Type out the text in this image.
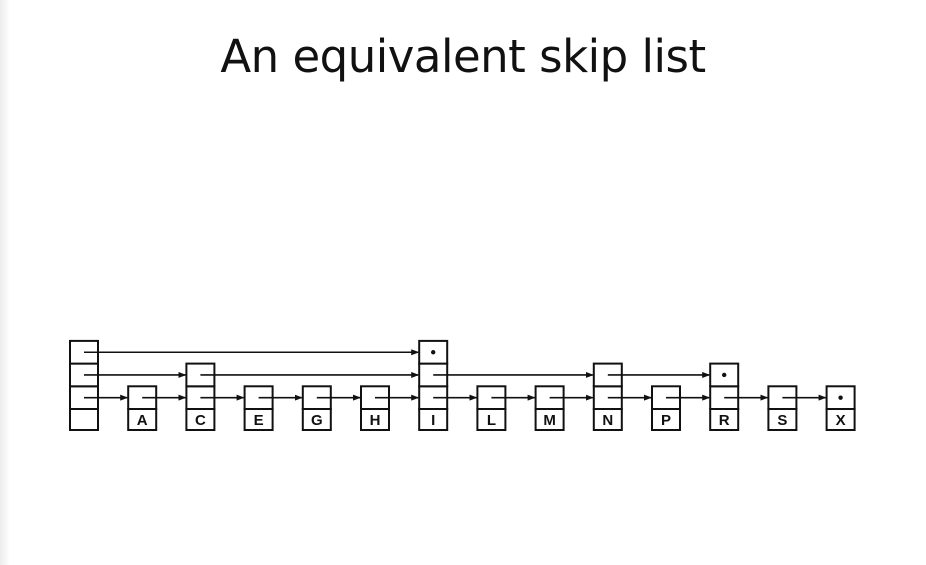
An equivalent skip list
A	C	E	G	H	I	L	M	N	P	R	S	X
